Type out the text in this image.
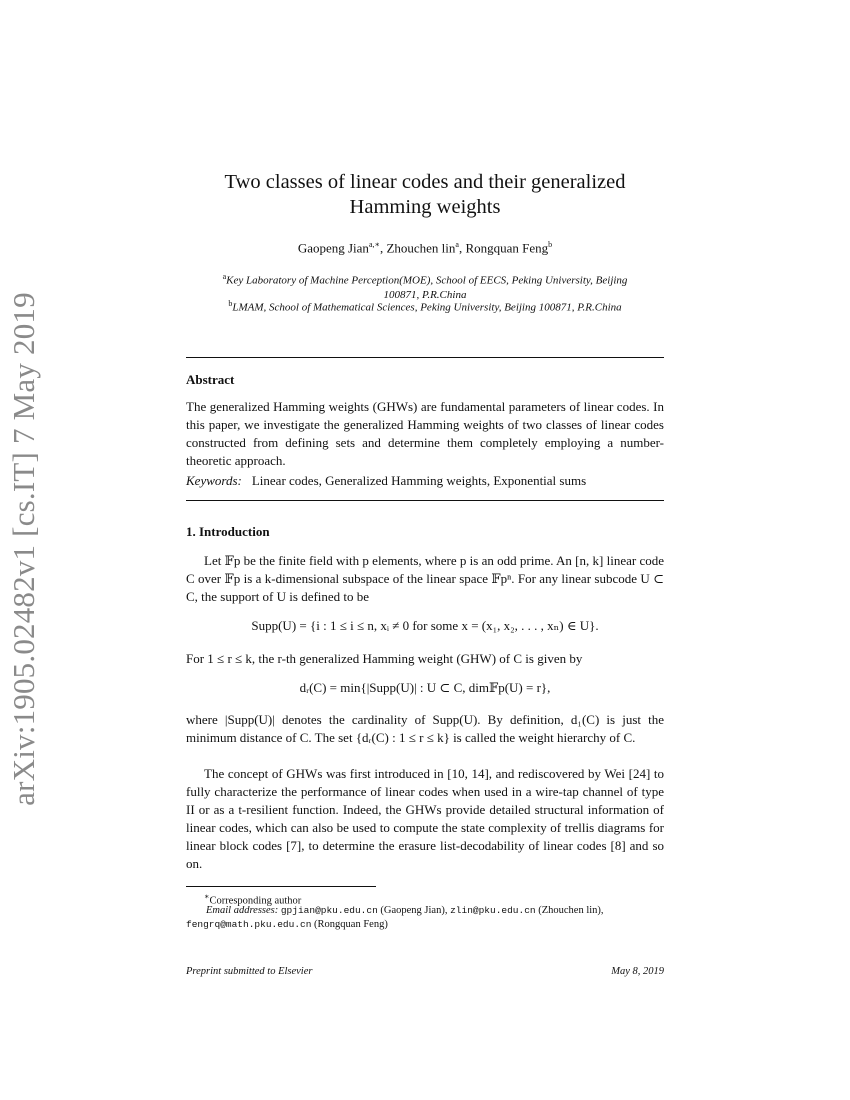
arXiv:1905.02482v1 [cs.IT] 7 May 2019
Two classes of linear codes and their generalized
Hamming weights
Gaopeng Jian$^{a,∗}$, Zhouchen lin$^a$, Rongquan Feng$^b$
$^a$Key Laboratory of Machine Perception(MOE), School of EECS, Peking University, Beijing
100871, P.R.China
$^b$LMAM, School of Mathematical Sciences, Peking University, Beijing 100871, P.R.China
Abstract
The generalized Hamming weights (GHWs) are fundamental parameters of linear codes. In this paper, we investigate the generalized Hamming weights of two classes of linear codes constructed from defining sets and determine them completely employing a number-theoretic approach.
Keywords: Linear codes, Generalized Hamming weights, Exponential sums
1. Introduction
Let 𝔽p be the finite field with p elements, where p is an odd prime. An [n, k] linear code C over 𝔽p is a k-dimensional subspace of the linear space 𝔽pⁿ. For any linear subcode U ⊂ C, the support of U is defined to be
Supp(U) = {i : 1 ≤ i ≤ n, xᵢ ≠ 0 for some x = (x₁, x₂, . . . , xₙ) ∈ U}.
For 1 ≤ r ≤ k, the r-th generalized Hamming weight (GHW) of C is given by
dᵣ(C) = min{|Supp(U)| : U ⊂ C, dim𝔽p(U) = r},
where |Supp(U)| denotes the cardinality of Supp(U). By definition, d₁(C) is just the minimum distance of C. The set {dᵣ(C) : 1 ≤ r ≤ k} is called the weight hierarchy of C.
The concept of GHWs was first introduced in [10, 14], and rediscovered by Wei [24] to fully characterize the performance of linear codes when used in a wire-tap channel of type II or as a t-resilient function. Indeed, the GHWs provide detailed structural information of linear codes, which can also be used to compute the state complexity of trellis diagrams for linear block codes [7], to determine the erasure list-decodability of linear codes [8] and so on.
∗Corresponding author
Email addresses: gpjian@pku.edu.cn (Gaopeng Jian), zlin@pku.edu.cn (Zhouchen lin), fengrq@math.pku.edu.cn (Rongquan Feng)
Preprint submitted to Elsevier	May 8, 2019
